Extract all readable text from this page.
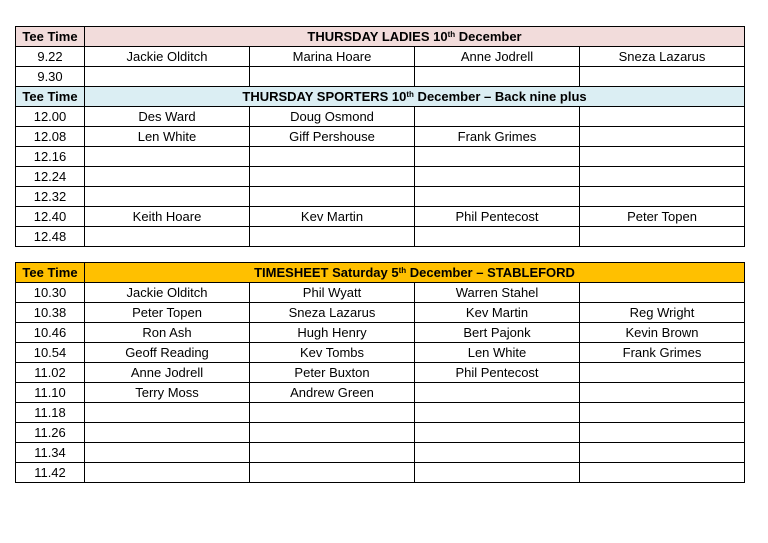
Tee Time	THURSDAY LADIES 10th December			
9.22	Jackie Olditch	Marina Hoare	Anne Jodrell	Sneza Lazarus
9.30				
Tee Time	THURSDAY SPORTERS 10th December – Back nine plus			
12.00	Des Ward	Doug Osmond		
12.08	Len White	Giff Pershouse	Frank Grimes	
12.16				
12.24				
12.32				
12.40	Keith Hoare	Kev Martin	Phil Pentecost	Peter Topen
12.48				
Tee Time	TIMESHEET Saturday 5th December – STABLEFORD			
10.30	Jackie Olditch	Phil Wyatt	Warren Stahel	
10.38	Peter Topen	Sneza Lazarus	Kev Martin	Reg Wright
10.46	Ron Ash	Hugh Henry	Bert Pajonk	Kevin Brown
10.54	Geoff Reading	Kev Tombs	Len White	Frank Grimes
11.02	Anne Jodrell	Peter Buxton	Phil Pentecost	
11.10	Terry Moss	Andrew Green		
11.18				
11.26				
11.34				
11.42				
